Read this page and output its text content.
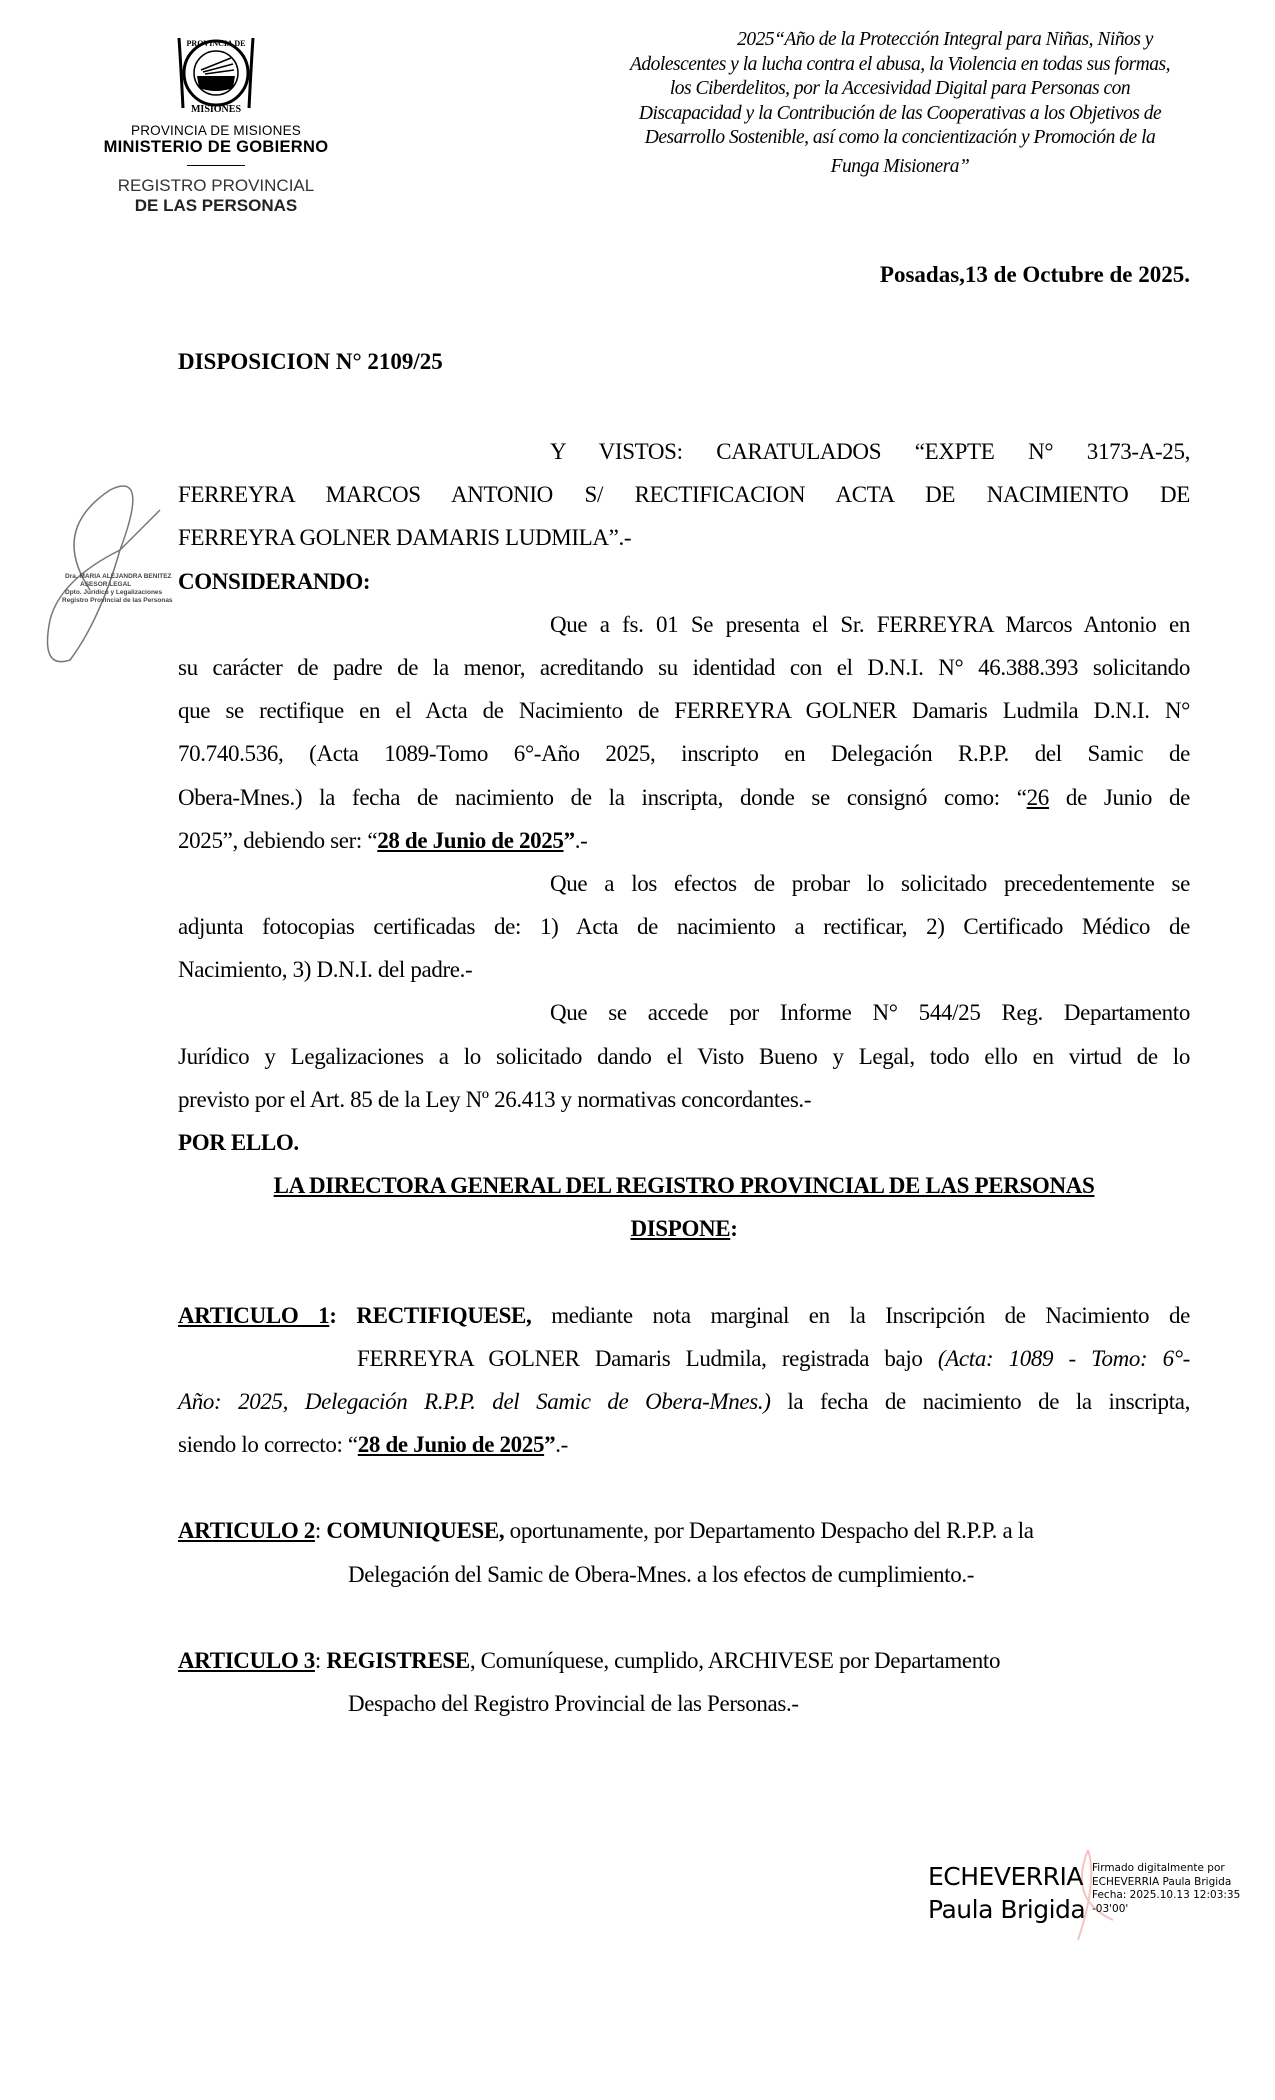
PROVINCIA DE
MISIONES
PROVINCIA DE MISIONES
MINISTERIO DE GOBIERNO
REGISTRO PROVINCIAL
DE LAS PERSONAS
2025“Año de la Protección Integral para Niñas, Niños y
Adolescentes y la lucha contra el abusa, la Violencia en todas sus formas,
los Ciberdelitos, por la Accesividad Digital para Personas con
Discapacidad y la Contribución de las Cooperativas a los Objetivos de
Desarrollo Sostenible, así como la concientización y Promoción de la
Funga Misionera”
Posadas,13 de Octubre de 2025.
DISPOSICION N° 2109/25
Dra. MARIA ALEJANDRA BENITEZ
ASESOR LEGAL
Dpto. Jurídico y Legalizaciones
Registro Provincial de las Personas
Y VISTOS: CARATULADOS “EXPTE N° 3173-A-25,
FERREYRA MARCOS ANTONIO S/ RECTIFICACION ACTA DE NACIMIENTO DE
FERREYRA GOLNER DAMARIS LUDMILA”.-
CONSIDERANDO:
Que a fs. 01 Se presenta el Sr. FERREYRA Marcos Antonio en
su carácter de padre de la menor, acreditando su identidad con el D.N.I. N° 46.388.393 solicitando
que se rectifique en el Acta de Nacimiento de FERREYRA GOLNER Damaris Ludmila D.N.I. N°
70.740.536, (Acta 1089-Tomo 6°-Año 2025, inscripto en Delegación R.P.P. del Samic de
Obera-Mnes.) la fecha de nacimiento de la inscripta, donde se consignó como: “26 de Junio de
2025”, debiendo ser: “28 de Junio de 2025”.-
Que a los efectos de probar lo solicitado precedentemente se
adjunta fotocopias certificadas de: 1) Acta de nacimiento a rectificar, 2) Certificado Médico de
Nacimiento, 3) D.N.I. del padre.-
Que se accede por Informe N° 544/25 Reg. Departamento
Jurídico y Legalizaciones a lo solicitado dando el Visto Bueno y Legal, todo ello en virtud de lo
previsto por el Art. 85 de la Ley Nº 26.413 y normativas concordantes.-
POR ELLO.
LA DIRECTORA GENERAL DEL REGISTRO PROVINCIAL DE LAS PERSONAS
DISPONE:
ARTICULO 1: RECTIFIQUESE, mediante nota marginal en la Inscripción de Nacimiento de
FERREYRA GOLNER Damaris Ludmila, registrada bajo (Acta: 1089 - Tomo: 6°-
Año: 2025, Delegación R.P.P. del Samic de Obera-Mnes.) la fecha de nacimiento de la inscripta,
siendo lo correcto: “28 de Junio de 2025”.-
ARTICULO 2: COMUNIQUESE, oportunamente, por Departamento Despacho del R.P.P. a la
Delegación del Samic de Obera-Mnes. a los efectos de cumplimiento.-
ARTICULO 3: REGISTRESE, Comuníquese, cumplido, ARCHIVESE por Departamento
Despacho del Registro Provincial de las Personas.-
ECHEVERRIA
Paula Brigida
Firmado digitalmente por
ECHEVERRIA Paula Brigida
Fecha: 2025.10.13 12:03:35
-03'00'
